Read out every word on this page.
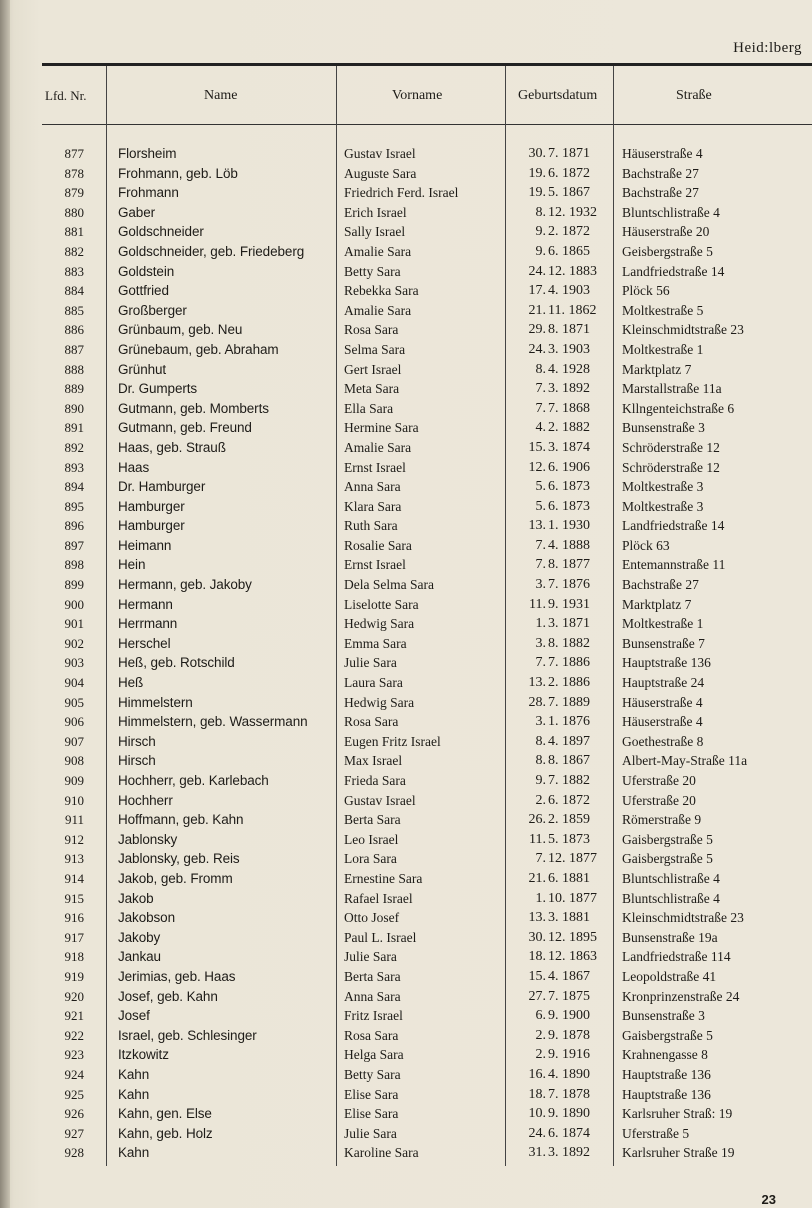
Heid:lberg
Lfd. Nr.	Name	Vorname	Geburtsdatum	Straße
877	Florsheim	Gustav Israel	30. 7. 1871 Häuserstraße 4
878	Frohmann, geb. Löb	Auguste Sara	19. 6. 1872 Bachstraße 27
879	Frohmann	Friedrich Ferd. Israel	19. 5. 1867 Bachstraße 27
880	Gaber	Erich Israel	8. 12. 1932 Bluntschlistraße 4
881	Goldschneider	Sally Israel	9. 2. 1872 Häuserstraße 20
882	Goldschneider, geb. Friedeberg	Amalie Sara	9. 6. 1865 Geisbergstraße 5
883	Goldstein	Betty Sara	24. 12. 1883 Landfriedstraße 14
884	Gottfried	Rebekka Sara	17. 4. 1903 Plöck 56
885	Großberger	Amalie Sara	21. 11. 1862 Moltkestraße 5
886	Grünbaum, geb. Neu	Rosa Sara	29. 8. 1871 Kleinschmidtstraße 23
887	Grünebaum, geb. Abraham	Selma Sara	24. 3. 1903 Moltkestraße 1
888	Grünhut	Gert Israel	8. 4. 1928 Marktplatz 7
889	Dr. Gumperts	Meta Sara	7. 3. 1892 Marstallstraße 11a
890	Gutmann, geb. Momberts	Ella Sara	7. 7. 1868 Kllngenteichstraße 6
891	Gutmann, geb. Freund	Hermine Sara	4. 2. 1882 Bunsenstraße 3
892	Haas, geb. Strauß	Amalie Sara	15. 3. 1874 Schröderstraße 12
893	Haas	Ernst Israel	12. 6. 1906 Schröderstraße 12
894	Dr. Hamburger	Anna Sara	5. 6. 1873 Moltkestraße 3
895	Hamburger	Klara Sara	5. 6. 1873 Moltkestraße 3
896	Hamburger	Ruth Sara	13. 1. 1930 Landfriedstraße 14
897	Heimann	Rosalie Sara	7. 4. 1888 Plöck 63
898	Hein	Ernst Israel	7. 8. 1877 Entemannstraße 11
899	Hermann, geb. Jakoby	Dela Selma Sara	3. 7. 1876 Bachstraße 27
900	Hermann	Liselotte Sara	11. 9. 1931 Marktplatz 7
901	Herrmann	Hedwig Sara	1. 3. 1871 Moltkestraße 1
902	Herschel	Emma Sara	3. 8. 1882 Bunsenstraße 7
903	Heß, geb. Rotschild	Julie Sara	7. 7. 1886 Hauptstraße 136
904	Heß	Laura Sara	13. 2. 1886 Hauptstraße 24
905	Himmelstern	Hedwig Sara	28. 7. 1889 Häuserstraße 4
906	Himmelstern, geb. Wassermann	Rosa Sara	3. 1. 1876 Häuserstraße 4
907	Hirsch	Eugen Fritz Israel	8. 4. 1897 Goethestraße 8
908	Hirsch	Max Israel	8. 8. 1867 Albert-May-Straße 11a
909	Hochherr, geb. Karlebach	Frieda Sara	9. 7. 1882 Uferstraße 20
910	Hochherr	Gustav Israel	2. 6. 1872 Uferstraße 20
911	Hoffmann, geb. Kahn	Berta Sara	26. 2. 1859 Römerstraße 9
912	Jablonsky	Leo Israel	11. 5. 1873 Gaisbergstraße 5
913	Jablonsky, geb. Reis	Lora Sara	7. 12. 1877 Gaisbergstraße 5
914	Jakob, geb. Fromm	Ernestine Sara	21. 6. 1881 Bluntschlistraße 4
915	Jakob	Rafael Israel	1. 10. 1877 Bluntschlistraße 4
916	Jakobson	Otto Josef	13. 3. 1881 Kleinschmidtstraße 23
917	Jakoby	Paul L. Israel	30. 12. 1895 Bunsenstraße 19a
918	Jankau	Julie Sara	18. 12. 1863 Landfriedstraße 114
919	Jerimias, geb. Haas	Berta Sara	15. 4. 1867 Leopoldstraße 41
920	Josef, geb. Kahn	Anna Sara	27. 7. 1875 Kronprinzenstraße 24
921	Josef	Fritz Israel	6. 9. 1900 Bunsenstraße 3
922	Israel, geb. Schlesinger	Rosa Sara	2. 9. 1878 Gaisbergstraße 5
923	Itzkowitz	Helga Sara	2. 9. 1916 Krahnengasse 8
924	Kahn	Betty Sara	16. 4. 1890 Hauptstraße 136
925	Kahn	Elise Sara	18. 7. 1878 Hauptstraße 136
926	Kahn, gen. Else	Elise Sara	10. 9. 1890 Karlsruher Straß: 19
927	Kahn, geb. Holz	Julie Sara	24. 6. 1874 Uferstraße 5
928	Kahn	Karoline Sara	31. 3. 1892 Karlsruher Straße 19
23
